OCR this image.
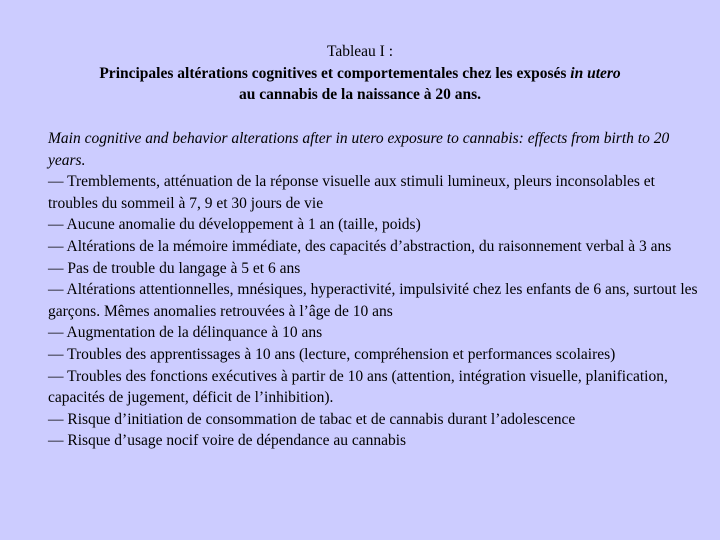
Tableau I :
Principales altérations cognitives et comportementales chez les exposés in utero
au cannabis de la naissance à 20 ans.

Main cognitive and behavior alterations after in utero exposure to cannabis: effects from birth to 20 years.

— Tremblements, atténuation de la réponse visuelle aux stimuli lumineux, pleurs inconsolables et troubles du sommeil à 7, 9 et 30 jours de vie

— Aucune anomalie du développement à 1 an (taille, poids)

— Altérations de la mémoire immédiate, des capacités d’abstraction, du raisonnement verbal à 3 ans

— Pas de trouble du langage à 5 et 6 ans

— Altérations attentionnelles, mnésiques, hyperactivité, impulsivité chez les enfants de 6 ans, surtout les garçons. Mêmes anomalies retrouvées à l’âge de 10 ans

— Augmentation de la délinquance à 10 ans

— Troubles des apprentissages à 10 ans (lecture, compréhension et performances scolaires)

— Troubles des fonctions exécutives à partir de 10 ans (attention, intégration visuelle, planification, capacités de jugement, déficit de l’inhibition).

— Risque d’initiation de consommation de tabac et de cannabis durant l’adolescence

— Risque d’usage nocif voire de dépendance au cannabis
